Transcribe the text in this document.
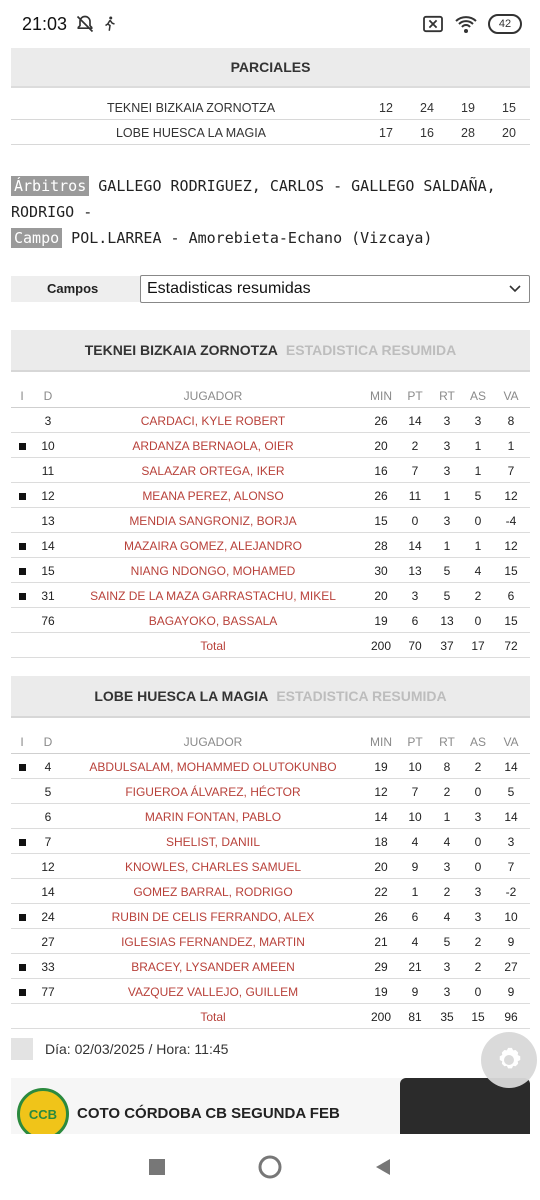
21:03	42
PARCIALES
TEKNEI BIZKAIA ZORNOTZA	12	24	19	15
LOBE HUESCA LA MAGIA	17	16	28	20
Árbitros GALLEGO RODRIGUEZ, CARLOS - GALLEGO SALDAÑA,
RODRIGO -
Campo POL.LARREA - Amorebieta-Echano (Vizcaya)
Campos	Estadisticas resumidas
TEKNEI BIZKAIA ZORNOTZA ESTADISTICA RESUMIDA
I	D	JUGADOR	MIN	PT	RT	AS	VA
3	CARDACI, KYLE ROBERT	26	14	3	3	8
10	ARDANZA BERNAOLA, OIER	20	2	3	1	1
11	SALAZAR ORTEGA, IKER	16	7	3	1	7
12	MEANA PEREZ, ALONSO	26	11	1	5	12
13	MENDIA SANGRONIZ, BORJA	15	0	3	0	-4
14	MAZAIRA GOMEZ, ALEJANDRO	28	14	1	1	12
15	NIANG NDONGO, MOHAMED	30	13	5	4	15
31	SAINZ DE LA MAZA GARRASTACHU, MIKEL	20	3	5	2	6
76	BAGAYOKO, BASSALA	19	6	13	0	15
Total	200	70	37	17	72
LOBE HUESCA LA MAGIA ESTADISTICA RESUMIDA
I	D	JUGADOR	MIN	PT	RT	AS	VA
4	ABDULSALAM, MOHAMMED OLUTOKUNBO	19	10	8	2	14
5	FIGUEROA ÁLVAREZ, HÉCTOR	12	7	2	0	5
6	MARIN FONTAN, PABLO	14	10	1	3	14
7	SHELIST, DANIIL	18	4	4	0	3
12	KNOWLES, CHARLES SAMUEL	20	9	3	0	7
14	GOMEZ BARRAL, RODRIGO	22	1	2	3	-2
24	RUBIN DE CELIS FERRANDO, ALEX	26	6	4	3	10
27	IGLESIAS FERNANDEZ, MARTIN	21	4	5	2	9
33	BRACEY, LYSANDER AMEEN	29	21	3	2	27
77	VAZQUEZ VALLEJO, GUILLEM	19	9	3	0	9
Total	200	81	35	15	96
Día: 02/03/2025 / Hora: 11:45
CCB COTO CÓRDOBA CB SEGUNDA FEB
